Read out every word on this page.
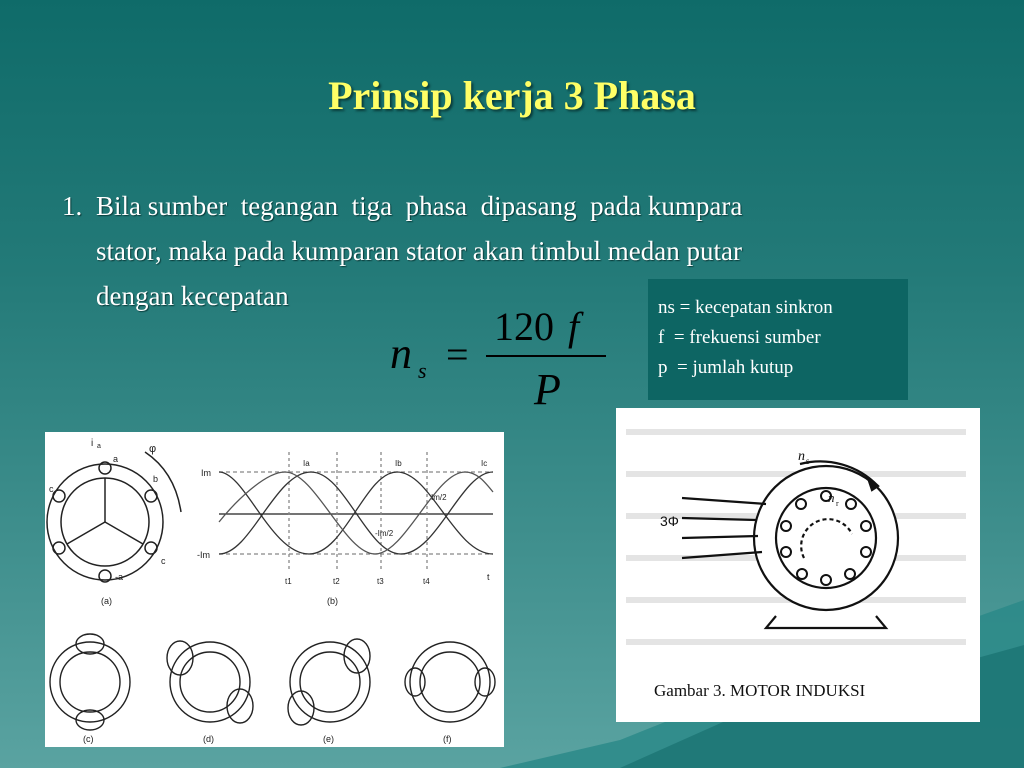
Prinsip kerja 3 Phasa
1. Bila sumber  tegangan  tiga  phasa  dipasang  pada kumpara
stator, maka pada kumparan stator akan timbul medan putar
dengan kecepatan
n s =
120 f
P
ns = kecepatan sinkron
f  = frekuensi sumber
p  = jumlah kutup
i a	φ
a
b
c
-a
c
(a)
Im
-Im
Im/2
-Im/2
Ia	Ib	Ic
t
t1	t2	t3	t4
(b)
(c)	(d)	(e)	(f)
3Φ
n s
n r
Gambar 3. MOTOR INDUKSI
